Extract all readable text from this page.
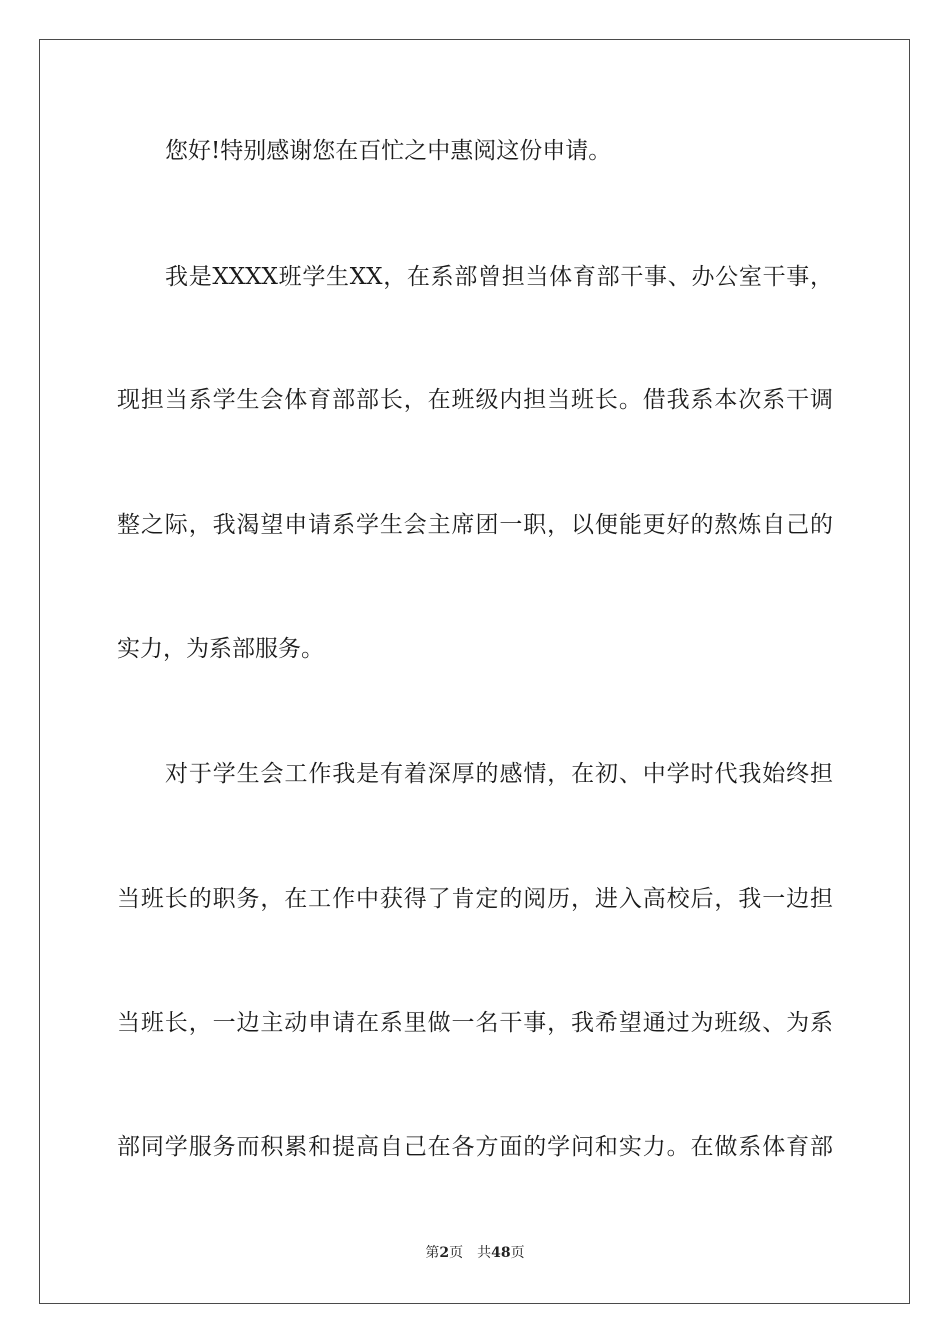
您好!特别感谢您在百忙之中惠阅这份申请。
我是XXXX班学生XX，在系部曾担当体育部干事、办公室干事，
现担当系学生会体育部部长，在班级内担当班长。借我系本次系干调
整之际，我渴望申请系学生会主席团一职，以便能更好的熬炼自己的
实力，为系部服务。
对于学生会工作我是有着深厚的感情，在初、中学时代我始终担
当班长的职务，在工作中获得了肯定的阅历，进入高校后，我一边担
当班长，一边主动申请在系里做一名干事，我希望通过为班级、为系
部同学服务而积累和提高自己在各方面的学问和实力。在做系体育部
第2页 共48页
